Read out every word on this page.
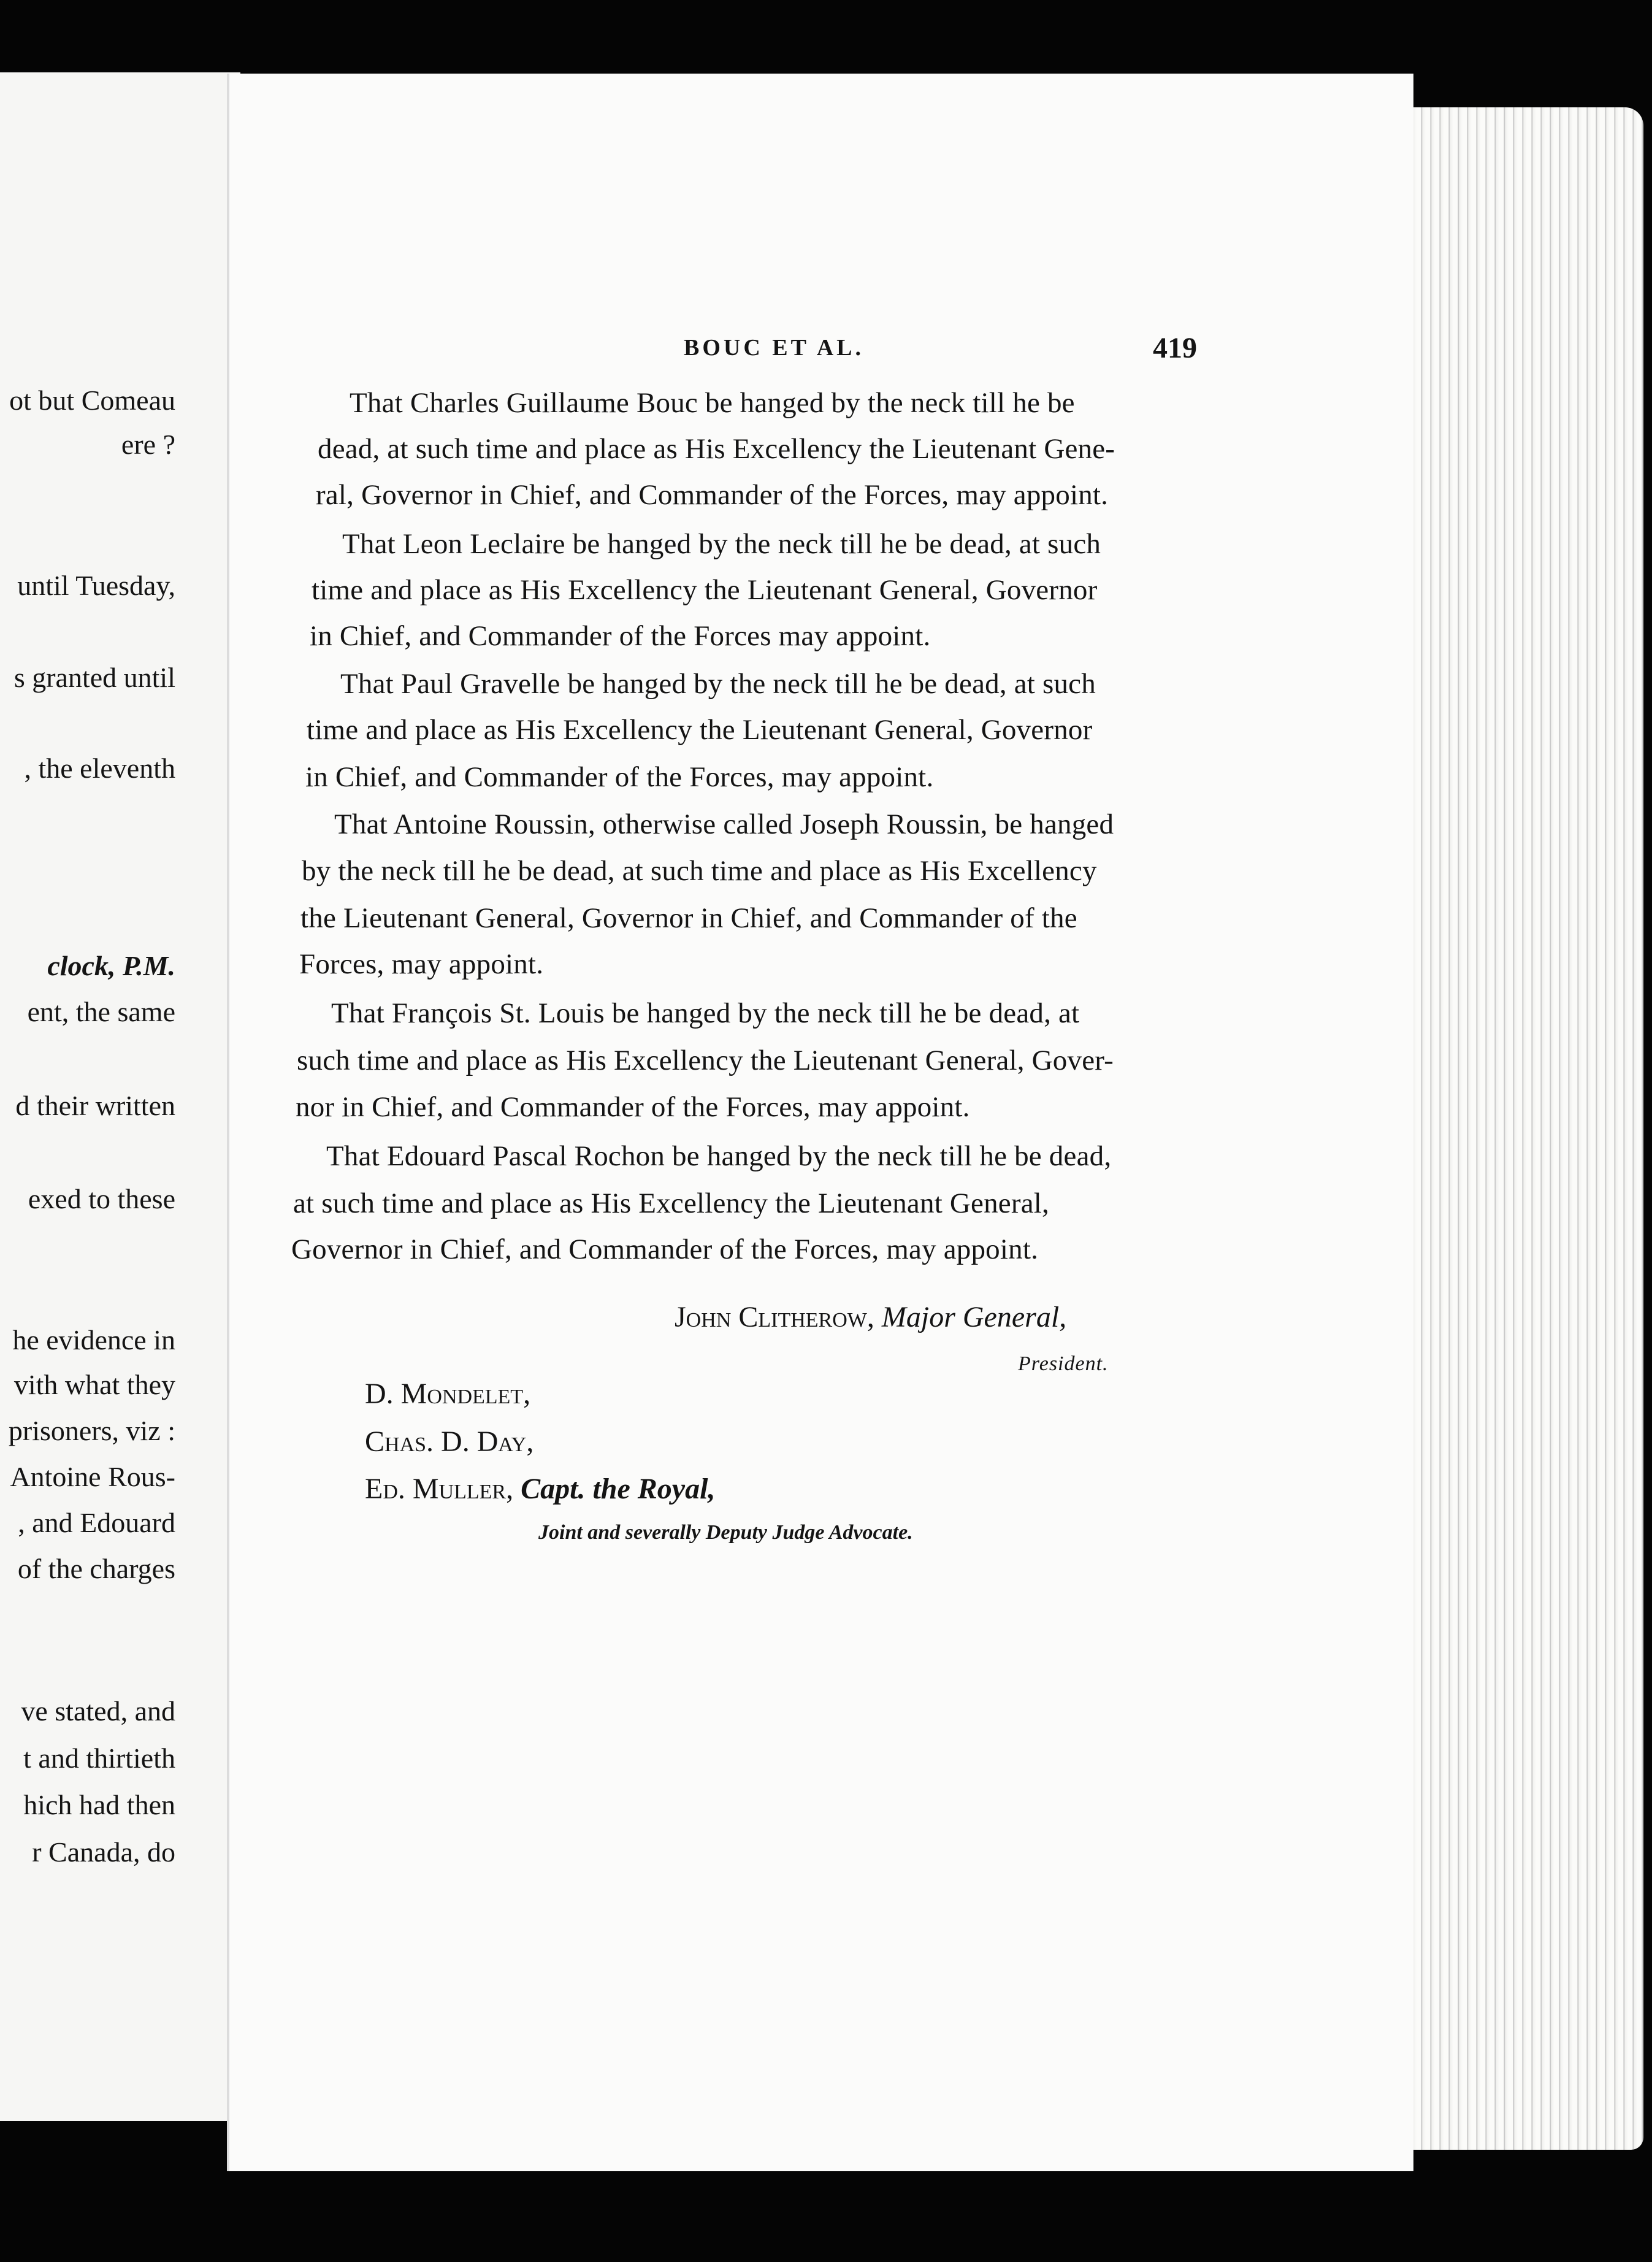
ot but Comeau
ere ?
until Tuesday,
s granted until
, the eleventh
clock, P.M.
ent, the same
d their written
exed to these
he evidence in
vith what they
prisoners, viz :
Antoine Rous-
, and Edouard
of the charges
ve stated, and
t and thirtieth
hich had then
r Canada, do
BOUC ET AL.	419
That Charles Guillaume Bouc be hanged by the neck till he be
dead, at such time and place as His Excellency the Lieutenant Gene-
ral, Governor in Chief, and Commander of the Forces, may appoint.
That Leon Leclaire be hanged by the neck till he be dead, at such
time and place as His Excellency the Lieutenant General, Governor
in Chief, and Commander of the Forces may appoint.
That Paul Gravelle be hanged by the neck till he be dead, at such
time and place as His Excellency the Lieutenant General, Governor
in Chief, and Commander of the Forces, may appoint.
That Antoine Roussin, otherwise called Joseph Roussin, be hanged
by the neck till he be dead, at such time and place as His Excellency
the Lieutenant General, Governor in Chief, and Commander of the
Forces, may appoint.
That François St. Louis be hanged by the neck till he be dead, at
such time and place as His Excellency the Lieutenant General, Gover-
nor in Chief, and Commander of the Forces, may appoint.
That Edouard Pascal Rochon be hanged by the neck till he be dead,
at such time and place as His Excellency the Lieutenant General,
Governor in Chief, and Commander of the Forces, may appoint.
John Clitherow, Major General,
President.
D. Mondelet,
Chas. D. Day,
Ed. Muller, Capt. the Royal,
Joint and severally Deputy Judge Advocate.
